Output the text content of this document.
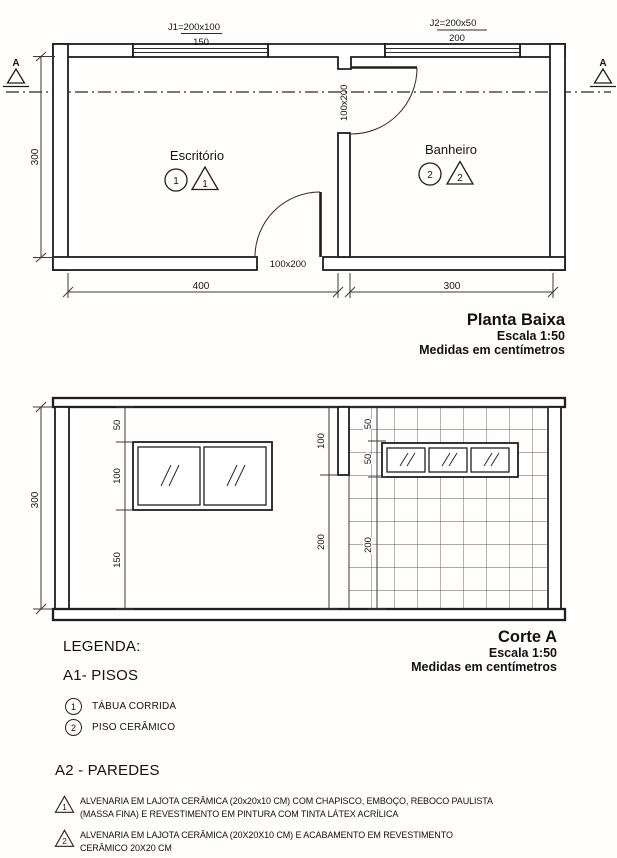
A	A
100x200
100x200
Escritório
1 1
Banheiro
2 2
J1=200x100
150
J2=200x50
200
300
400	300
300
50
100
150
100
200
50
50
200
Planta Baixa
Escala 1:50
Medidas em centímetros
Corte A
Escala 1:50
Medidas em centímetros
LEGENDA:
A1- PISOS
1 TÁBUA CORRIDA
2 PISO CERÂMICO
A2 - PAREDES
1
ALVENARIA EM LAJOTA CERÂMICA (20x20x10 CM) COM CHAPISCO, EMBOÇO, REBOCO PAULISTA
(MASSA FINA) E REVESTIMENTO EM PINTURA COM TINTA LÁTEX ACRÍLICA
2
ALVENARIA EM LAJOTA CERÂMICA (20X20X10 CM) E ACABAMENTO EM REVESTIMENTO
CERÂMICO 20X20 CM
